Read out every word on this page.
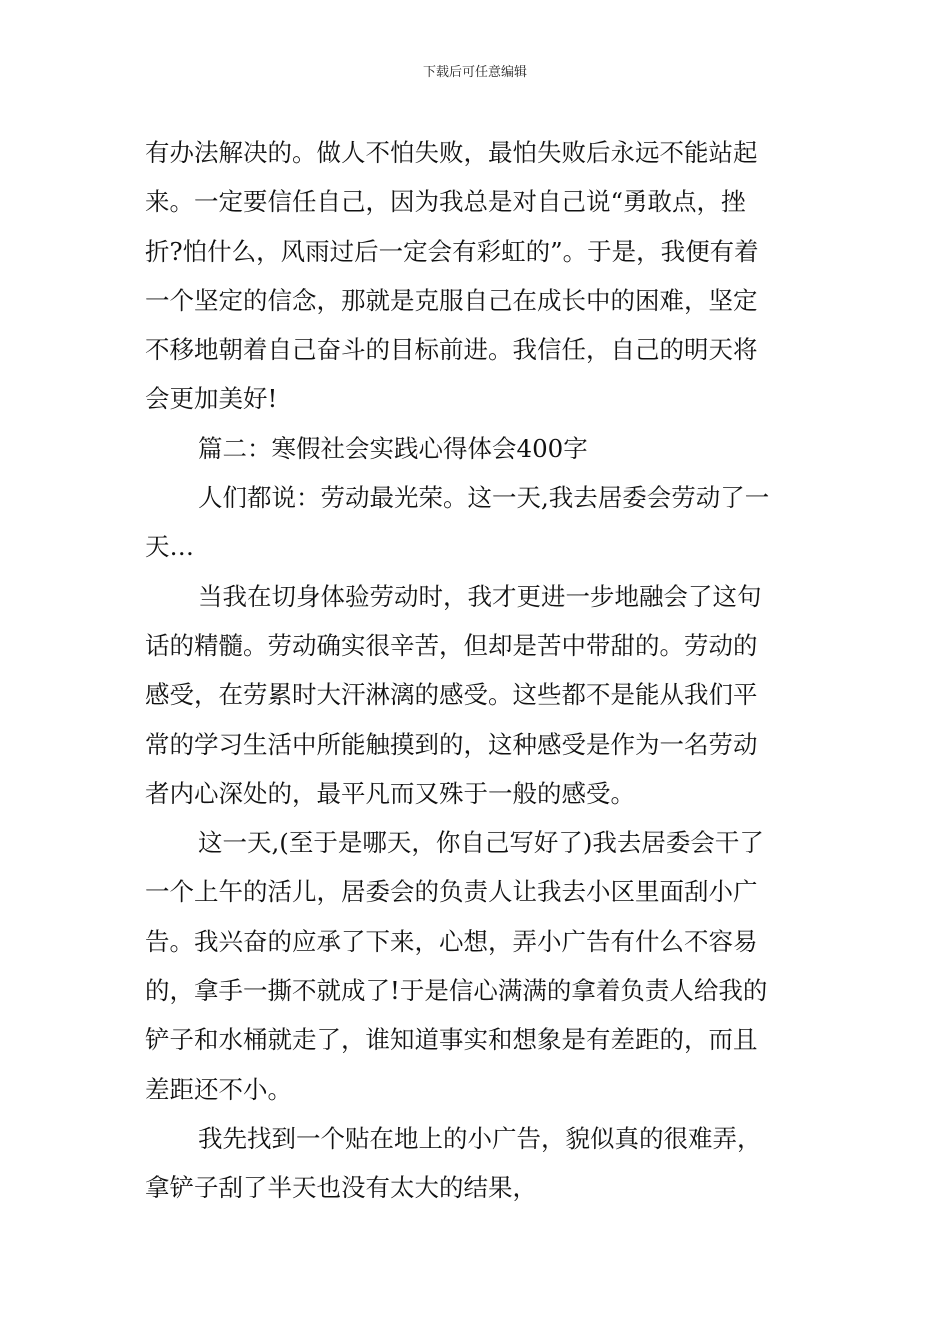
下载后可任意编辑

有办法解决的。做人不怕失败，最怕失败后永远不能站起

来。一定要信任自己，因为我总是对自己说“勇敢点，挫

折?怕什么，风雨过后一定会有彩虹的”。于是，我便有着

一个坚定的信念，那就是克服自己在成长中的困难，坚定

不移地朝着自己奋斗的目标前进。我信任，自己的明天将

会更加美好!

篇二：寒假社会实践心得体会400字

人们都说：劳动最光荣。这一天,我去居委会劳动了一

天…

当我在切身体验劳动时，我才更进一步地融会了这句

话的精髓。劳动确实很辛苦，但却是苦中带甜的。劳动的

感受，在劳累时大汗淋漓的感受。这些都不是能从我们平

常的学习生活中所能触摸到的，这种感受是作为一名劳动

者内心深处的，最平凡而又殊于一般的感受。

这一天,(至于是哪天，你自己写好了)我去居委会干了

一个上午的活儿，居委会的负责人让我去小区里面刮小广

告。我兴奋的应承了下来，心想，弄小广告有什么不容易

的，拿手一撕不就成了!于是信心满满的拿着负责人给我的

铲子和水桶就走了，谁知道事实和想象是有差距的，而且

差距还不小。

我先找到一个贴在地上的小广告，貌似真的很难弄，

拿铲子刮了半天也没有太大的结果，
